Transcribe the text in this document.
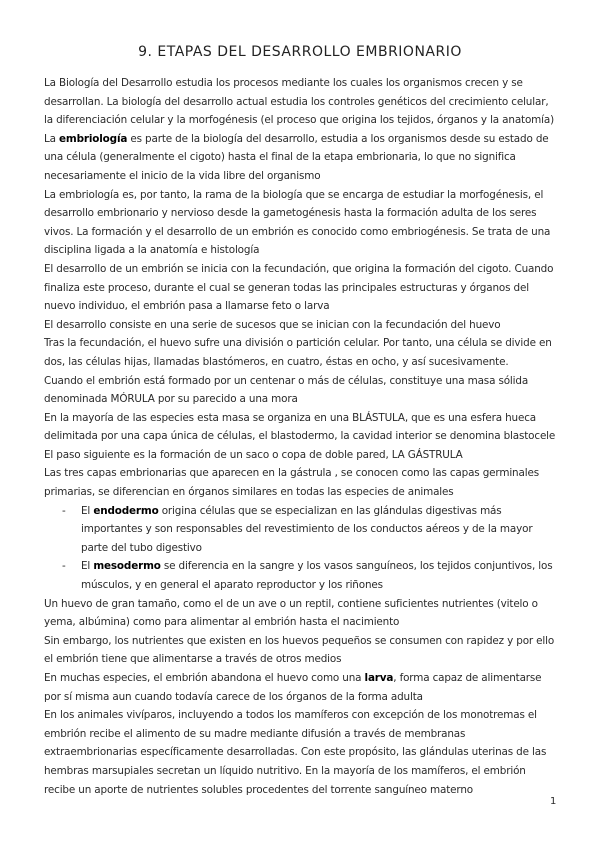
9. ETAPAS DEL DESARROLLO EMBRIONARIO

La Biología del Desarrollo estudia los procesos mediante los cuales los organismos crecen y se desarrollan. La biología del desarrollo actual estudia los controles genéticos del crecimiento celular, la diferenciación celular y la morfogénesis (el proceso que origina los tejidos, órganos y la anatomía)

La embriología es parte de la biología del desarrollo, estudia a los organismos desde su estado de una célula (generalmente el cigoto) hasta el final de la etapa embrionaria, lo que no significa necesariamente el inicio de la vida libre del organismo

La embriología es, por tanto, la rama de la biología que se encarga de estudiar la morfogénesis, el desarrollo embrionario y nervioso desde la gametogénesis hasta la formación adulta de los seres vivos. La formación y el desarrollo de un embrión es conocido como embriogénesis. Se trata de una disciplina ligada a la anatomía e histología

El desarrollo de un embrión se inicia con la fecundación, que origina la formación del cigoto. Cuando finaliza este proceso, durante el cual se generan todas las principales estructuras y órganos del nuevo individuo, el embrión pasa a llamarse feto o larva

El desarrollo consiste en una serie de sucesos que se inician con la fecundación del huevo

Tras la fecundación, el huevo sufre una división o partición celular. Por tanto, una célula se divide en dos, las células hijas, llamadas blastómeros, en cuatro, éstas en ocho, y así sucesivamente.

Cuando el embrión está formado por un centenar o más de células, constituye una masa sólida denominada MÓRULA por su parecido a una mora

En la mayoría de las especies esta masa se organiza en una BLÁSTULA, que es una esfera hueca delimitada por una capa única de células, el blastodermo, la cavidad interior se denomina blastocele

El paso siguiente es la formación de un saco o copa de doble pared, LA GÁSTRULA

Las tres capas embrionarias que aparecen en la gástrula , se conocen como las capas germinales primarias, se diferencian en órganos similares en todas las especies de animales

- El endodermo origina células que se especializan en las glándulas digestivas más importantes y son responsables del revestimiento de los conductos aéreos y de la mayor parte del tubo digestivo

- El mesodermo se diferencia en la sangre y los vasos sanguíneos, los tejidos conjuntivos, los músculos, y en general el aparato reproductor y los riñones

Un huevo de gran tamaño, como el de un ave o un reptil, contiene suficientes nutrientes (vitelo o yema, albúmina) como para alimentar al embrión hasta el nacimiento

Sin embargo, los nutrientes que existen en los huevos pequeños se consumen con rapidez y por ello el embrión tiene que alimentarse a través de otros medios

En muchas especies, el embrión abandona el huevo como una larva, forma capaz de alimentarse por sí misma aun cuando todavía carece de los órganos de la forma adulta

En los animales vivíparos, incluyendo a todos los mamíferos con excepción de los monotremas el embrión recibe el alimento de su madre mediante difusión a través de membranas extraembrionarias específicamente desarrolladas. Con este propósito, las glándulas uterinas de las hembras marsupiales secretan un líquido nutritivo. En la mayoría de los mamíferos, el embrión recibe un aporte de nutrientes solubles procedentes del torrente sanguíneo materno

1
